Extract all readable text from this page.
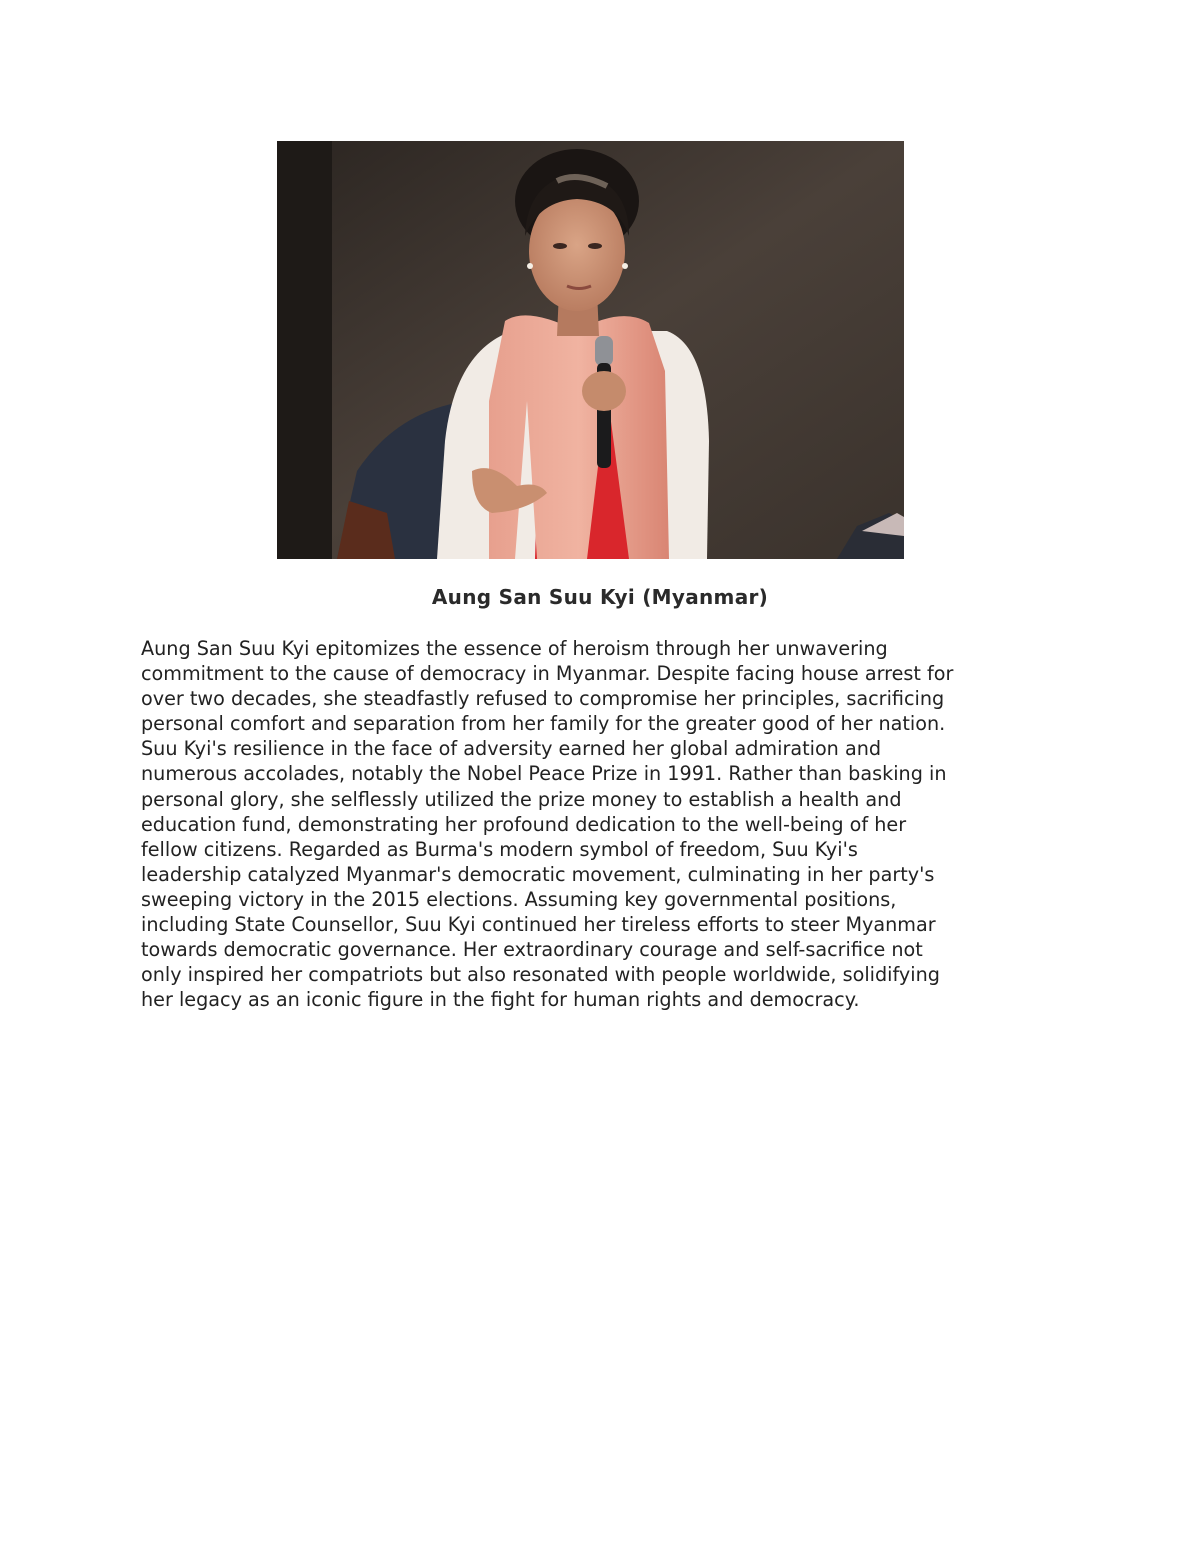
Aung San Suu Kyi (Myanmar)

Aung San Suu Kyi epitomizes the essence of heroism through her unwavering
commitment to the cause of democracy in Myanmar. Despite facing house arrest for
over two decades, she steadfastly refused to compromise her principles, sacrificing
personal comfort and separation from her family for the greater good of her nation.
Suu Kyi's resilience in the face of adversity earned her global admiration and
numerous accolades, notably the Nobel Peace Prize in 1991. Rather than basking in
personal glory, she selflessly utilized the prize money to establish a health and
education fund, demonstrating her profound dedication to the well-being of her
fellow citizens. Regarded as Burma's modern symbol of freedom, Suu Kyi's
leadership catalyzed Myanmar's democratic movement, culminating in her party's
sweeping victory in the 2015 elections. Assuming key governmental positions,
including State Counsellor, Suu Kyi continued her tireless efforts to steer Myanmar
towards democratic governance. Her extraordinary courage and self-sacrifice not
only inspired her compatriots but also resonated with people worldwide, solidifying
her legacy as an iconic figure in the fight for human rights and democracy.
